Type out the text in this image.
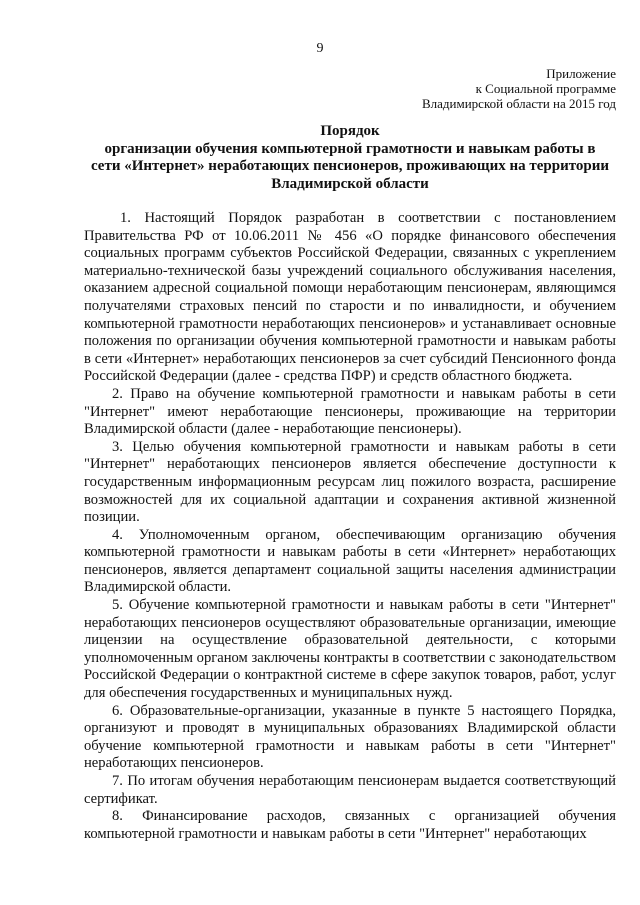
9
Приложение
к Социальной программе
Владимирской области на 2015 год
Порядок
организации обучения компьютерной грамотности и навыкам работы в
сети «Интернет» неработающих пенсионеров, проживающих на территории
Владимирской области

1. Настоящий Порядок разработан в соответствии с постановлением Правительства РФ от 10.06.2011 № 456 «О порядке финансового обеспечения социальных программ субъектов Российской Федерации, связанных с укреплением материально-технической базы учреждений социального обслуживания населения, оказанием адресной социальной помощи неработающим пенсионерам, являющимся получателями страховых пенсий по старости и по инвалидности, и обучением компьютерной грамотности неработающих пенсионеров» и устанавливает основные положения по организации обучения компьютерной грамотности и навыкам работы в сети «Интернет» неработающих пенсионеров за счет субсидий Пенсионного фонда Российской Федерации (далее - средства ПФР) и средств областного бюджета.

2. Право на обучение компьютерной грамотности и навыкам работы в сети "Интернет" имеют неработающие пенсионеры, проживающие на территории Владимирской области (далее - неработающие пенсионеры).

3. Целью обучения компьютерной грамотности и навыкам работы в сети "Интернет" неработающих пенсионеров является обеспечение доступности к государственным информационным ресурсам лиц пожилого возраста, расширение возможностей для их социальной адаптации и сохранения активной жизненной позиции.

4. Уполномоченным органом, обеспечивающим организацию обучения компьютерной грамотности и навыкам работы в сети «Интернет» неработающих пенсионеров, является департамент социальной защиты населения администрации Владимирской области.

5. Обучение компьютерной грамотности и навыкам работы в сети "Интернет" неработающих пенсионеров осуществляют образовательные организации, имеющие лицензии на осуществление образовательной деятельности, с которыми уполномоченным органом заключены контракты в соответствии с законодательством Российской Федерации о контрактной системе в сфере закупок товаров, работ, услуг для обеспечения государственных и муниципальных нужд.

6. Образовательные-организации, указанные в пункте 5 настоящего Порядка, организуют и проводят в муниципальных образованиях Владимирской области обучение компьютерной грамотности и навыкам работы в сети "Интернет" неработающих пенсионеров.

7. По итогам обучения неработающим пенсионерам выдается соответствующий сертификат.

8. Финансирование расходов, связанных с организацией обучения компьютерной грамотности и навыкам работы в сети "Интернет" неработающих
